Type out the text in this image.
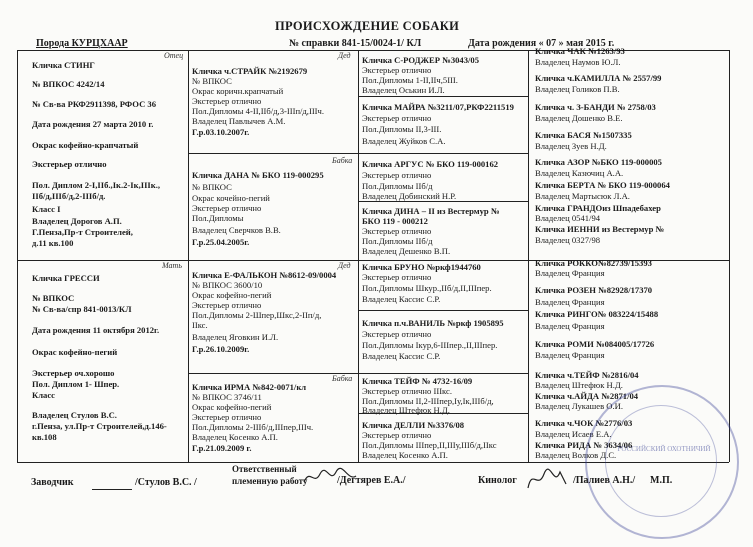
ПРОИСХОЖДЕНИЕ СОБАКИ
Порода КУРЦХААР	№ справки 841-15/0024-1/ КЛ	Дата рождения « 07 » мая 2015 г.
Отец
Кличка СТИНГ
№ ВПКОС 4242/14
№ Св-ва РКФ2911398, РФОС 36
Дата рождения 27 марта 2010 г.
Окрас кофейно-крапчатый
Экстерьер отлично
Пол. Диплом 2-I,IIб.,Iк.2-Iк,IIIк.,
IIб/д,IIIб/д,2-IIIб/д.
Класс I
Владелец Дорогов А.П.
Г.Пенза,Пр-т Строителей,
д.11 кв.100
Мать
Кличка ГРЕССИ
№ ВПКОС
№ Св-ва/спр 841-0013/КЛ
Дата рождения 11 октября 2012г.
Окрас кофейно-пегий
Экстерьер оч.хорошо
Пол. Диплом 1- Шпер.
Класс
Владелец Стулов В.С.
г.Пенза, ул.Пр-т Строителей,д.146-
кв.108
Дед
Кличка ч.СТРАЙК №2192679
№ ВПКОС
Окрас коричн.крапчатый
Экстерьер отлично
Пол.Дипломы 4-II,IIб/д,3-IIIп/д,IIIч.
Владелец Павлычев А.М.
Г.р.03.10.2007г.
Бабка
Кличка ДАНА № БКО 119-000295
№ ВПКОС
Окрас кочейно-пегий
Экстерьер отлично
Пол.Дипломы
Владелец Сверчков В.В.
Г.р.25.04.2005г.
Дед
Кличка Е-ФАЛЬКОН №8612-09/0004
№ ВПКОС 3600/10
Окрас кофейно-пегий
Экстерьер отлично
Пол.Дипломы 2-Шпер,Шкс,2-IIп/д,
IIкс.
Владелец Яговкин И.Л.
Г.р.26.10.2009г.
Бабка
Кличка ИРМА №842-0071/кл
№ ВПКОС 3746/11
Окрас кофейно-пегий
Экстерьер отлично
Пол.Дипломы 2-IIIб/д,IIIпер,IIIч.
Владелец Косенко А.П.
Г.р.21.09.2009 г.
Кличка С-РОДЖЕР №3043/05
Экстерьер отлично
Пол.Дипломы 1-II,IIч,5III.
Владелец Оськин И.Л.
Кличка МАЙРА №3211/07,РКФ2211519
Экстерьер отлично
Пол.Дипломы II,3-III.
Владелец Жуйков С.А.
Кличка АРГУС № БКО 119-000162
Экстерьер отлично
Пол.Дипломы IIб/д
Владелец Добинский Н.Р.
Кличка ДИНА – II из Вестермур №
БКО 119 - 000212
Экстерьер отлично
Пол.Дипломы IIб/д
Владелец Дешенко В.П.
Кличка БРУНО №ркф1944760
Экстерьер отлично
Пол.Дипломы Шкур.,IIб/д,II,IIIпер.
Владелец Кассис С.Р.
Кличка п.ч.ВАНИЛЬ №ркф 1905895
Экстерьер отлично
Пол.Дипломы Iкур,6-IIIпер.,II,IIIпер.
Владелец Кассис С.Р.
Кличка ТЕЙФ № 4732-16/09
Экстерьер отлично IIIкс.
Пол.Дипломы II,2-IIIпер,Iу,Iк,IIIб/д,
Владелец Штефюк Н.Д.
Кличка ДЕЛЛИ №3376/08
Экстерьер отлично
Пол.Дипломы IIIпер,II,IIIу,IIIб/д,IIкс
Владелец Косенко А.П.
Кличка ЧАК №1263/93
Владелец Наумов Ю.Л.
Кличка ч.КАМИЛЛА № 2557/99
Владелец Голиков П.В.
Кличка ч. З-БАНДИ № 2758/03
Владелец Дошенко В.Е.
Кличка БАСЯ №1507335
Владелец Зуев Н.Д.
Кличка АЗОР №БКО 119-000005
Владелец Казючиц А.А.
Кличка БЕРТА № БКО 119-000064
Владелец Мартысюк Л.А.
Кличка ГРАНДОиз Шпадебахер
Владелец 0541/94
Кличка ИЕННИ из Вестермур №
Владелец 0327/98
Кличка РОККО№82739/15393
Владелец Франция
Кличка РОЗЕН №82928/17370
Владелец Франция
Кличка РИНГО№ 083224/15488
Владелец Франция
Кличка РОМИ №084005/17726
Владелец Франция
Кличка ч.ТЕЙФ №2816/04
Владелец Штефюк Н.Д.
Кличка ч.АЙДА №2871/04
Владелец Лукашев О.И.
Кличка ч.ЧОК №2776/03
Владелец Исаев Е.А.
Кличка РИДА № 3634/06
Владелец Волков Д.С.
РОССИЙСКИЙ ОХОТНИЧИЙ
Заводчик	/Стулов В.С. /
Ответственный
племенную работу	/Дегтярев Е.А./	Кинолог	/Палиев А.Н./ М.П.
